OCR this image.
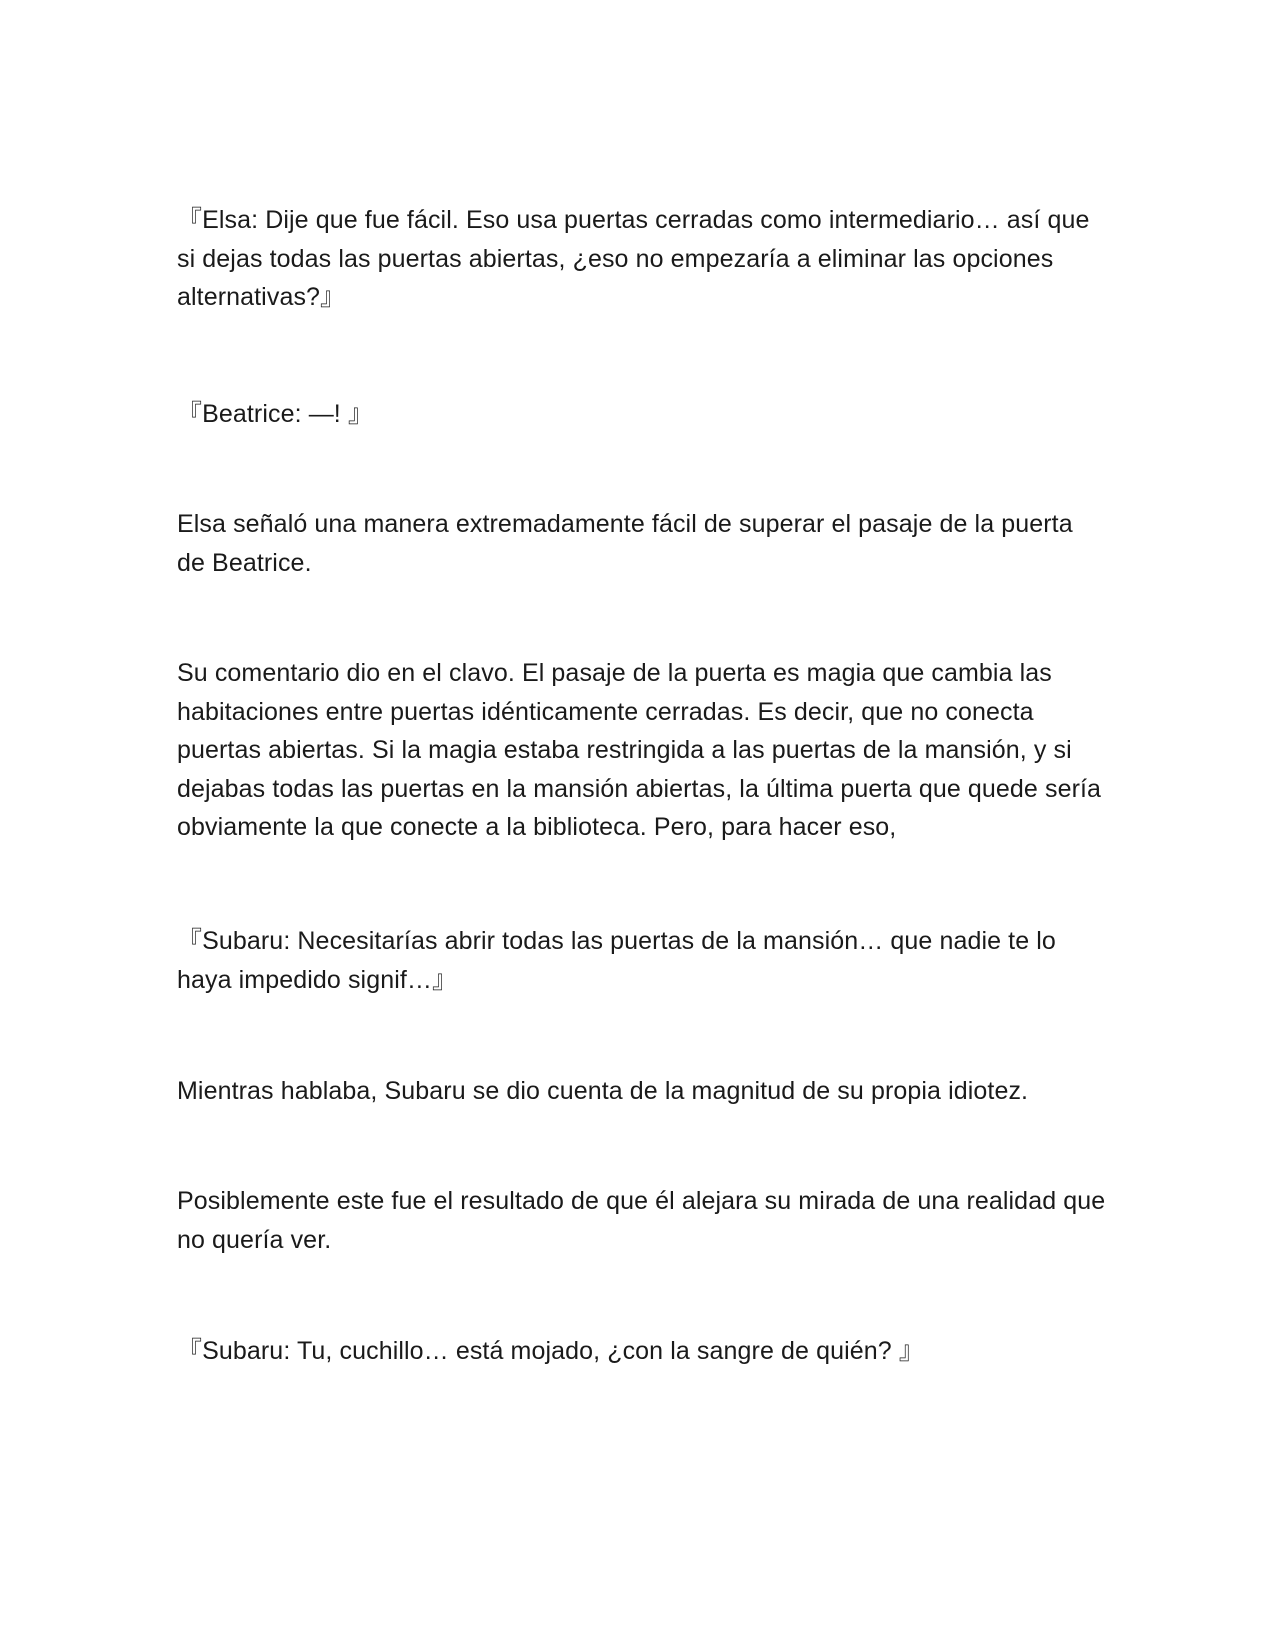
『Elsa: Dije que fue fácil. Eso usa puertas cerradas como intermediario… así que si dejas todas las puertas abiertas, ¿eso no empezaría a eliminar las opciones alternativas?』

『Beatrice: —! 』

Elsa señaló una manera extremadamente fácil de superar el pasaje de la puerta de Beatrice.

Su comentario dio en el clavo. El pasaje de la puerta es magia que cambia las habitaciones entre puertas idénticamente cerradas. Es decir, que no conecta puertas abiertas. Si la magia estaba restringida a las puertas de la mansión, y si dejabas todas las puertas en la mansión abiertas, la última puerta que quede sería obviamente la que conecte a la biblioteca. Pero, para hacer eso,

『Subaru: Necesitarías abrir todas las puertas de la mansión… que nadie te lo haya impedido signif…』

Mientras hablaba, Subaru se dio cuenta de la magnitud de su propia idiotez.

Posiblemente este fue el resultado de que él alejara su mirada de una realidad que no quería ver.

『Subaru: Tu, cuchillo… está mojado, ¿con la sangre de quién? 』
